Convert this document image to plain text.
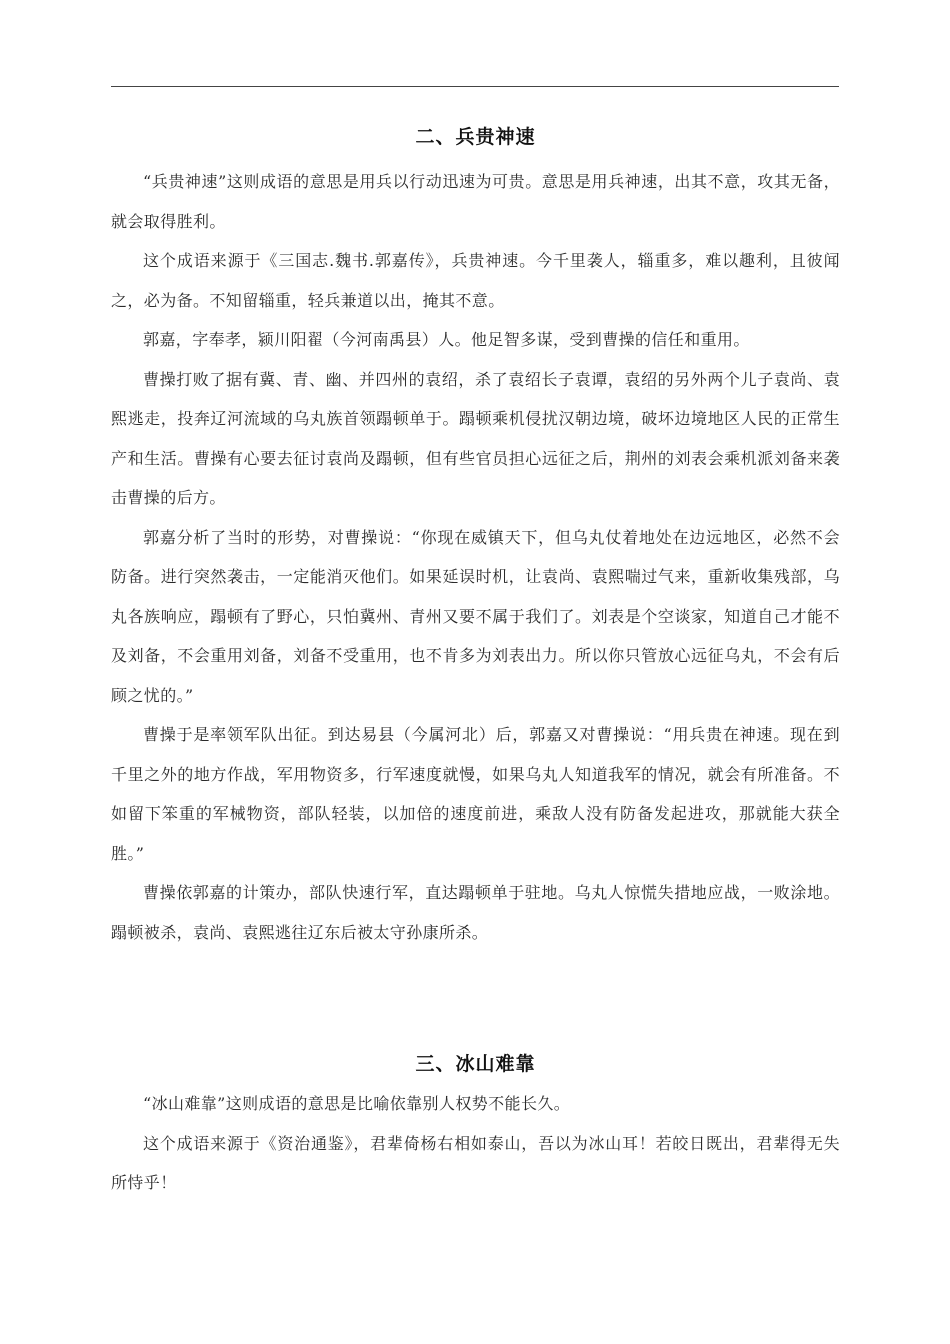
二、兵贵神速

“兵贵神速”这则成语的意思是用兵以行动迅速为可贵。意思是用兵神速，出其不意，攻其无备，就会取得胜利。

这个成语来源于《三国志.魏书.郭嘉传》，兵贵神速。今千里袭人，辎重多，难以趣利，且彼闻之，必为备。不知留辎重，轻兵兼道以出，掩其不意。

郭嘉，字奉孝，颍川阳翟（今河南禹县）人。他足智多谋，受到曹操的信任和重用。

曹操打败了据有冀、青、幽、并四州的袁绍，杀了袁绍长子袁谭，袁绍的另外两个儿子袁尚、袁熙逃走，投奔辽河流域的乌丸族首领蹋顿单于。蹋顿乘机侵扰汉朝边境，破坏边境地区人民的正常生产和生活。曹操有心要去征讨袁尚及蹋顿，但有些官员担心远征之后，荆州的刘表会乘机派刘备来袭击曹操的后方。

郭嘉分析了当时的形势，对曹操说：“你现在威镇天下，但乌丸仗着地处在边远地区，必然不会防备。进行突然袭击，一定能消灭他们。如果延误时机，让袁尚、袁熙喘过气来，重新收集残部，乌丸各族响应，蹋顿有了野心，只怕冀州、青州又要不属于我们了。刘表是个空谈家，知道自己才能不及刘备，不会重用刘备，刘备不受重用，也不肯多为刘表出力。所以你只管放心远征乌丸，不会有后顾之忧的。”

曹操于是率领军队出征。到达易县（今属河北）后，郭嘉又对曹操说：“用兵贵在神速。现在到千里之外的地方作战，军用物资多，行军速度就慢，如果乌丸人知道我军的情况，就会有所准备。不如留下笨重的军械物资，部队轻装，以加倍的速度前进，乘敌人没有防备发起进攻，那就能大获全胜。”

曹操依郭嘉的计策办，部队快速行军，直达蹋顿单于驻地。乌丸人惊慌失措地应战，一败涂地。蹋顿被杀，袁尚、袁熙逃往辽东后被太守孙康所杀。

三、冰山难靠

“冰山难靠”这则成语的意思是比喻依靠别人权势不能长久。

这个成语来源于《资治通鉴》，君辈倚杨右相如泰山，吾以为冰山耳！若皎日既出，君辈得无失所恃乎！
